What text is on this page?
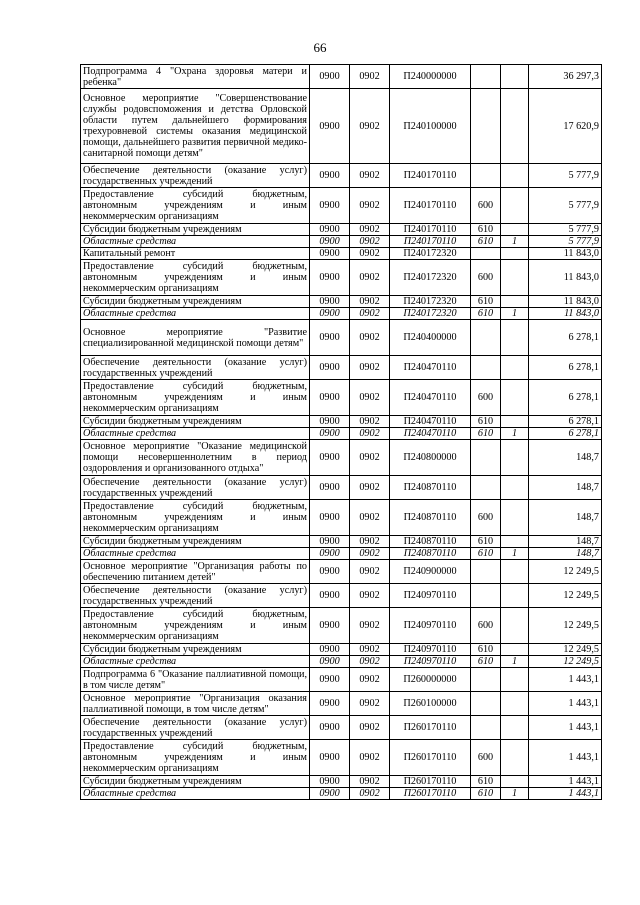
66
Подпрограмма 4 "Охрана здоровья матери и ребенка"	0900	0902	П240000000			36 297,3
Основное мероприятие "Совершенствование службы родовспоможения и детства Орловской области путем дальнейшего формирования трехуровневой системы оказания медицинской помощи, дальнейшего развития первичной медико-санитарной помощи детям"	0900	0902	П240100000			17 620,9
Обеспечение деятельности (оказание услуг) государственных учреждений	0900	0902	П240170110			5 777,9
Предоставление субсидий бюджетным, автономным учреждениям и иным некоммерческим организациям	0900	0902	П240170110	600		5 777,9
Субсидии бюджетным учреждениям	0900	0902	П240170110	610		5 777,9
Областные средства	0900	0902	П240170110	610	1	5 777,9
Капитальный ремонт	0900	0902	П240172320			11 843,0
Предоставление субсидий бюджетным, автономным учреждениям и иным некоммерческим организациям	0900	0902	П240172320	600		11 843,0
Субсидии бюджетным учреждениям	0900	0902	П240172320	610		11 843,0
Областные средства	0900	0902	П240172320	610	1	11 843,0
Основное мероприятие "Развитие специализированной медицинской помощи детям"	0900	0902	П240400000			6 278,1
Обеспечение деятельности (оказание услуг) государственных учреждений	0900	0902	П240470110			6 278,1
Предоставление субсидий бюджетным, автономным учреждениям и иным некоммерческим организациям	0900	0902	П240470110	600		6 278,1
Субсидии бюджетным учреждениям	0900	0902	П240470110	610		6 278,1
Областные средства	0900	0902	П240470110	610	1	6 278,1
Основное мероприятие "Оказание медицинской помощи несовершеннолетним в период оздоровления и организованного отдыха"	0900	0902	П240800000			148,7
Обеспечение деятельности (оказание услуг) государственных учреждений	0900	0902	П240870110			148,7
Предоставление субсидий бюджетным, автономным учреждениям и иным некоммерческим организациям	0900	0902	П240870110	600		148,7
Субсидии бюджетным учреждениям	0900	0902	П240870110	610		148,7
Областные средства	0900	0902	П240870110	610	1	148,7
Основное мероприятие "Организация работы по обеспечению питанием детей"	0900	0902	П240900000			12 249,5
Обеспечение деятельности (оказание услуг) государственных учреждений	0900	0902	П240970110			12 249,5
Предоставление субсидий бюджетным, автономным учреждениям и иным некоммерческим организациям	0900	0902	П240970110	600		12 249,5
Субсидии бюджетным учреждениям	0900	0902	П240970110	610		12 249,5
Областные средства	0900	0902	П240970110	610	1	12 249,5
Подпрограмма 6 "Оказание паллиативной помощи, в том числе детям"	0900	0902	П260000000			1 443,1
Основное мероприятие "Организация оказания паллиативной помощи, в том числе детям"	0900	0902	П260100000			1 443,1
Обеспечение деятельности (оказание услуг) государственных учреждений	0900	0902	П260170110			1 443,1
Предоставление субсидий бюджетным, автономным учреждениям и иным некоммерческим организациям	0900	0902	П260170110	600		1 443,1
Субсидии бюджетным учреждениям	0900	0902	П260170110	610		1 443,1
Областные средства	0900	0902	П260170110	610	1	1 443,1
